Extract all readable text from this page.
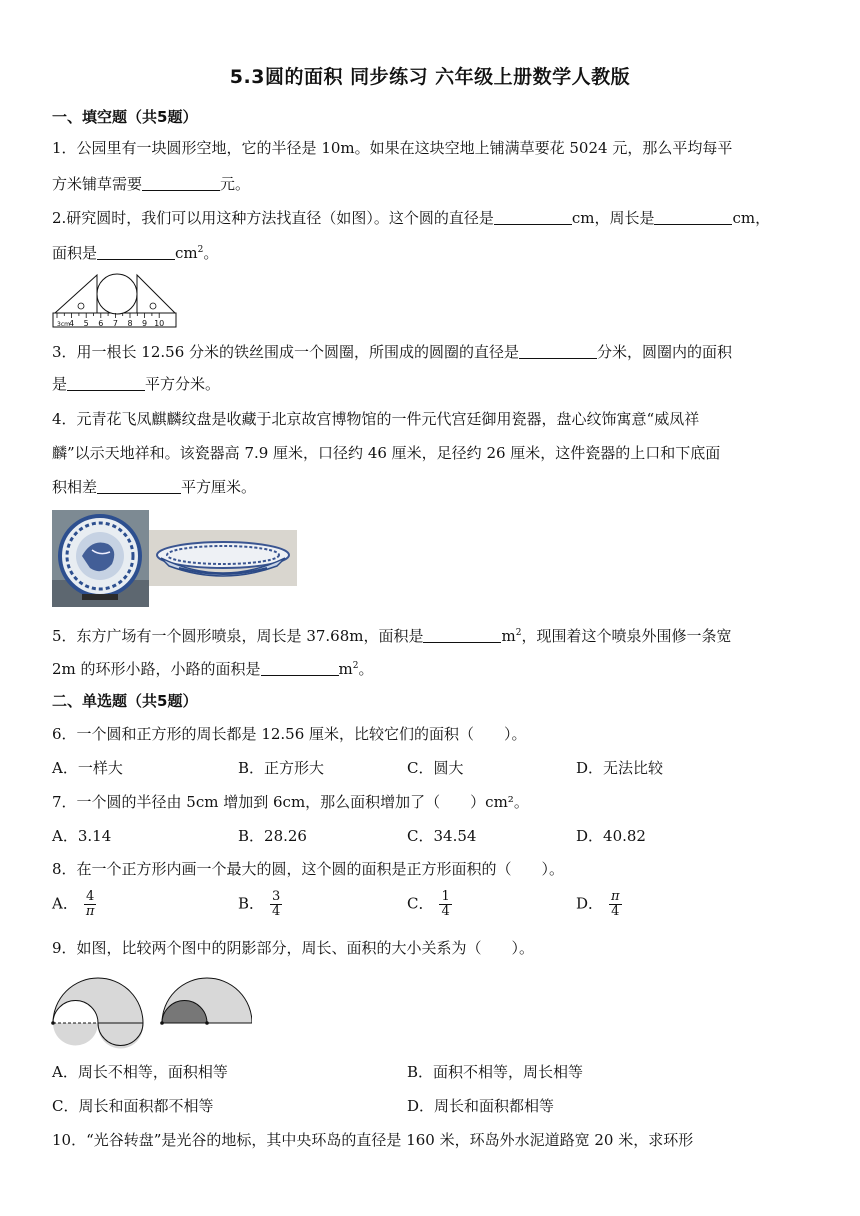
5.3圆的面积 同步练习 六年级上册数学人教版
一、填空题（共5题）
1．公园里有一块圆形空地，它的半径是 10m。如果在这块空地上铺满草要花 5024 元，那么平均每平
方米铺草需要	元。
2.研究圆时，我们可以用这种方法找直径（如图）。这个圆的直径是	cm，周长是	cm，
面积是	$cm^2$。
3cm 4 5 6 7 8 9 10
3．用一根长 12.56 分米的铁丝围成一个圆圈，所围成的圆圈的直径是	分米，圆圈内的面积
是	平方分米。
4．元青花飞凤麒麟纹盘是收藏于北京故宫博物馆的一件元代宫廷御用瓷器，盘心纹饰寓意“威凤祥
麟”以示天地祥和。该瓷器高 7.9 厘米，口径约 46 厘米，足径约 26 厘米，这件瓷器的上口和下底面
积相差	平方厘米。
5．东方广场有一个圆形喷泉，周长是 37.68m，面积是	$m^2$，现围着这个喷泉外围修一条宽
2m 的环形小路，小路的面积是	$m^2$。
二、单选题（共5题）
6．一个圆和正方形的周长都是 12.56 厘米，比较它们的面积（　　）。
A．一样大	B．正方形大	C．圆大	D．无法比较
7．一个圆的半径由 5cm 增加到 6cm，那么面积增加了（　　）cm²。
A．3.14	B．28.26	C．34.54	D．40.82
8．在一个正方形内画一个最大的圆，这个圆的面积是正方形面积的（　　）。
A． $\frac{4}{\pi}$	B． $\frac{3}{4}$	C． $\frac{1}{4}$	D． $\frac{\pi}{4}$
9．如图，比较两个图中的阴影部分，周长、面积的大小关系为（　　）。
A．周长不相等，面积相等	B．面积不相等，周长相等
C．周长和面积都不相等	D．周长和面积都相等
10．“光谷转盘”是光谷的地标，其中央环岛的直径是 160 米，环岛外水泥道路宽 20 米，求环形
